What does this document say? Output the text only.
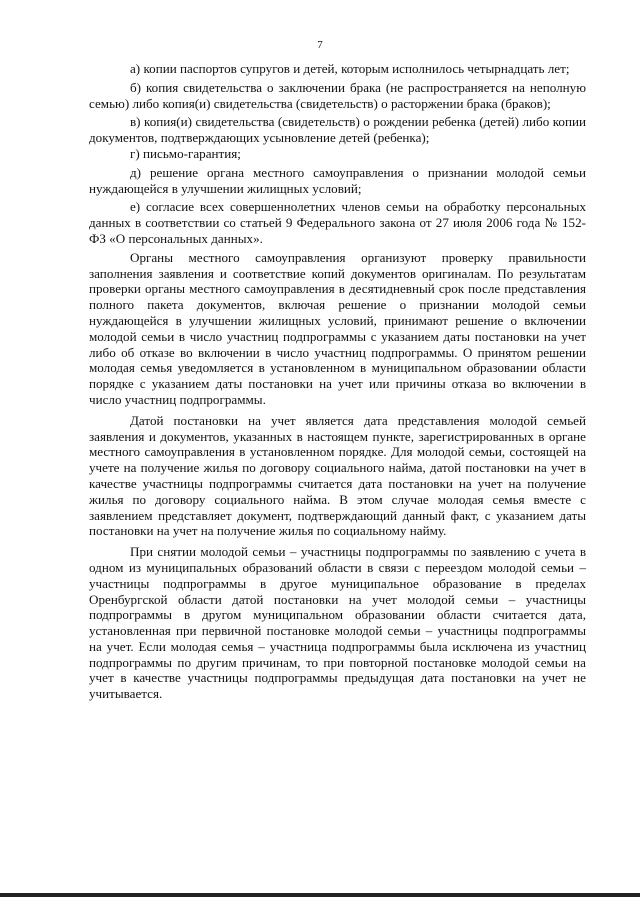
7

а) копии паспортов супругов и детей, которым исполнилось четырнадцать лет;

б) копия свидетельства о заключении брака (не распространяется на неполную семью) либо копия(и) свидетельства (свидетельств) о расторжении брака (браков);

в) копия(и) свидетельства (свидетельств) о рождении ребенка (детей) либо копии документов, подтверждающих усыновление детей (ребенка);

г) письмо-гарантия;

д) решение органа местного самоуправления о признании молодой семьи нуждающейся в улучшении жилищных условий;

е) согласие всех совершеннолетних членов семьи на обработку персональных данных в соответствии со статьей 9 Федерального закона от 27 июля 2006 года № 152-ФЗ «О персональных данных».

Органы местного самоуправления организуют проверку правильности заполнения заявления и соответствие копий документов оригиналам. По результатам проверки органы местного самоуправления в десятидневный срок после представления полного пакета документов, включая решение о признании молодой семьи нуждающейся в улучшении жилищных условий, принимают решение о включении молодой семьи в число участниц подпрограммы с указанием даты постановки на учет либо об отказе во включении в число участниц подпрограммы. О принятом решении молодая семья уведомляется в установленном в муниципальном образовании области порядке с указанием даты постановки на учет или причины отказа во включении в число участниц подпрограммы.

Датой постановки на учет является дата представления молодой семьей заявления и документов, указанных в настоящем пункте, зарегистрированных в органе местного самоуправления в установленном порядке. Для молодой семьи, состоящей на учете на получение жилья по договору социального найма, датой постановки на учет в качестве участницы подпрограммы считается дата постановки на учет на получение жилья по договору социального найма. В этом случае молодая семья вместе с заявлением представляет документ, подтверждающий данный факт, с указанием даты постановки на учет на получение жилья по социальному найму.

При снятии молодой семьи – участницы подпрограммы по заявлению с учета в одном из муниципальных образований области в связи с переездом молодой семьи – участницы подпрограммы в другое муниципальное образование в пределах Оренбургской области датой постановки на учет молодой семьи – участницы подпрограммы в другом муниципальном образовании области считается дата, установленная при первичной постановке молодой семьи – участницы подпрограммы на учет. Если молодая семья – участница подпрограммы была исключена из участниц подпрограммы по другим причинам, то при повторной постановке молодой семьи на учет в качестве участницы подпрограммы предыдущая дата постановки на учет не учитывается.
